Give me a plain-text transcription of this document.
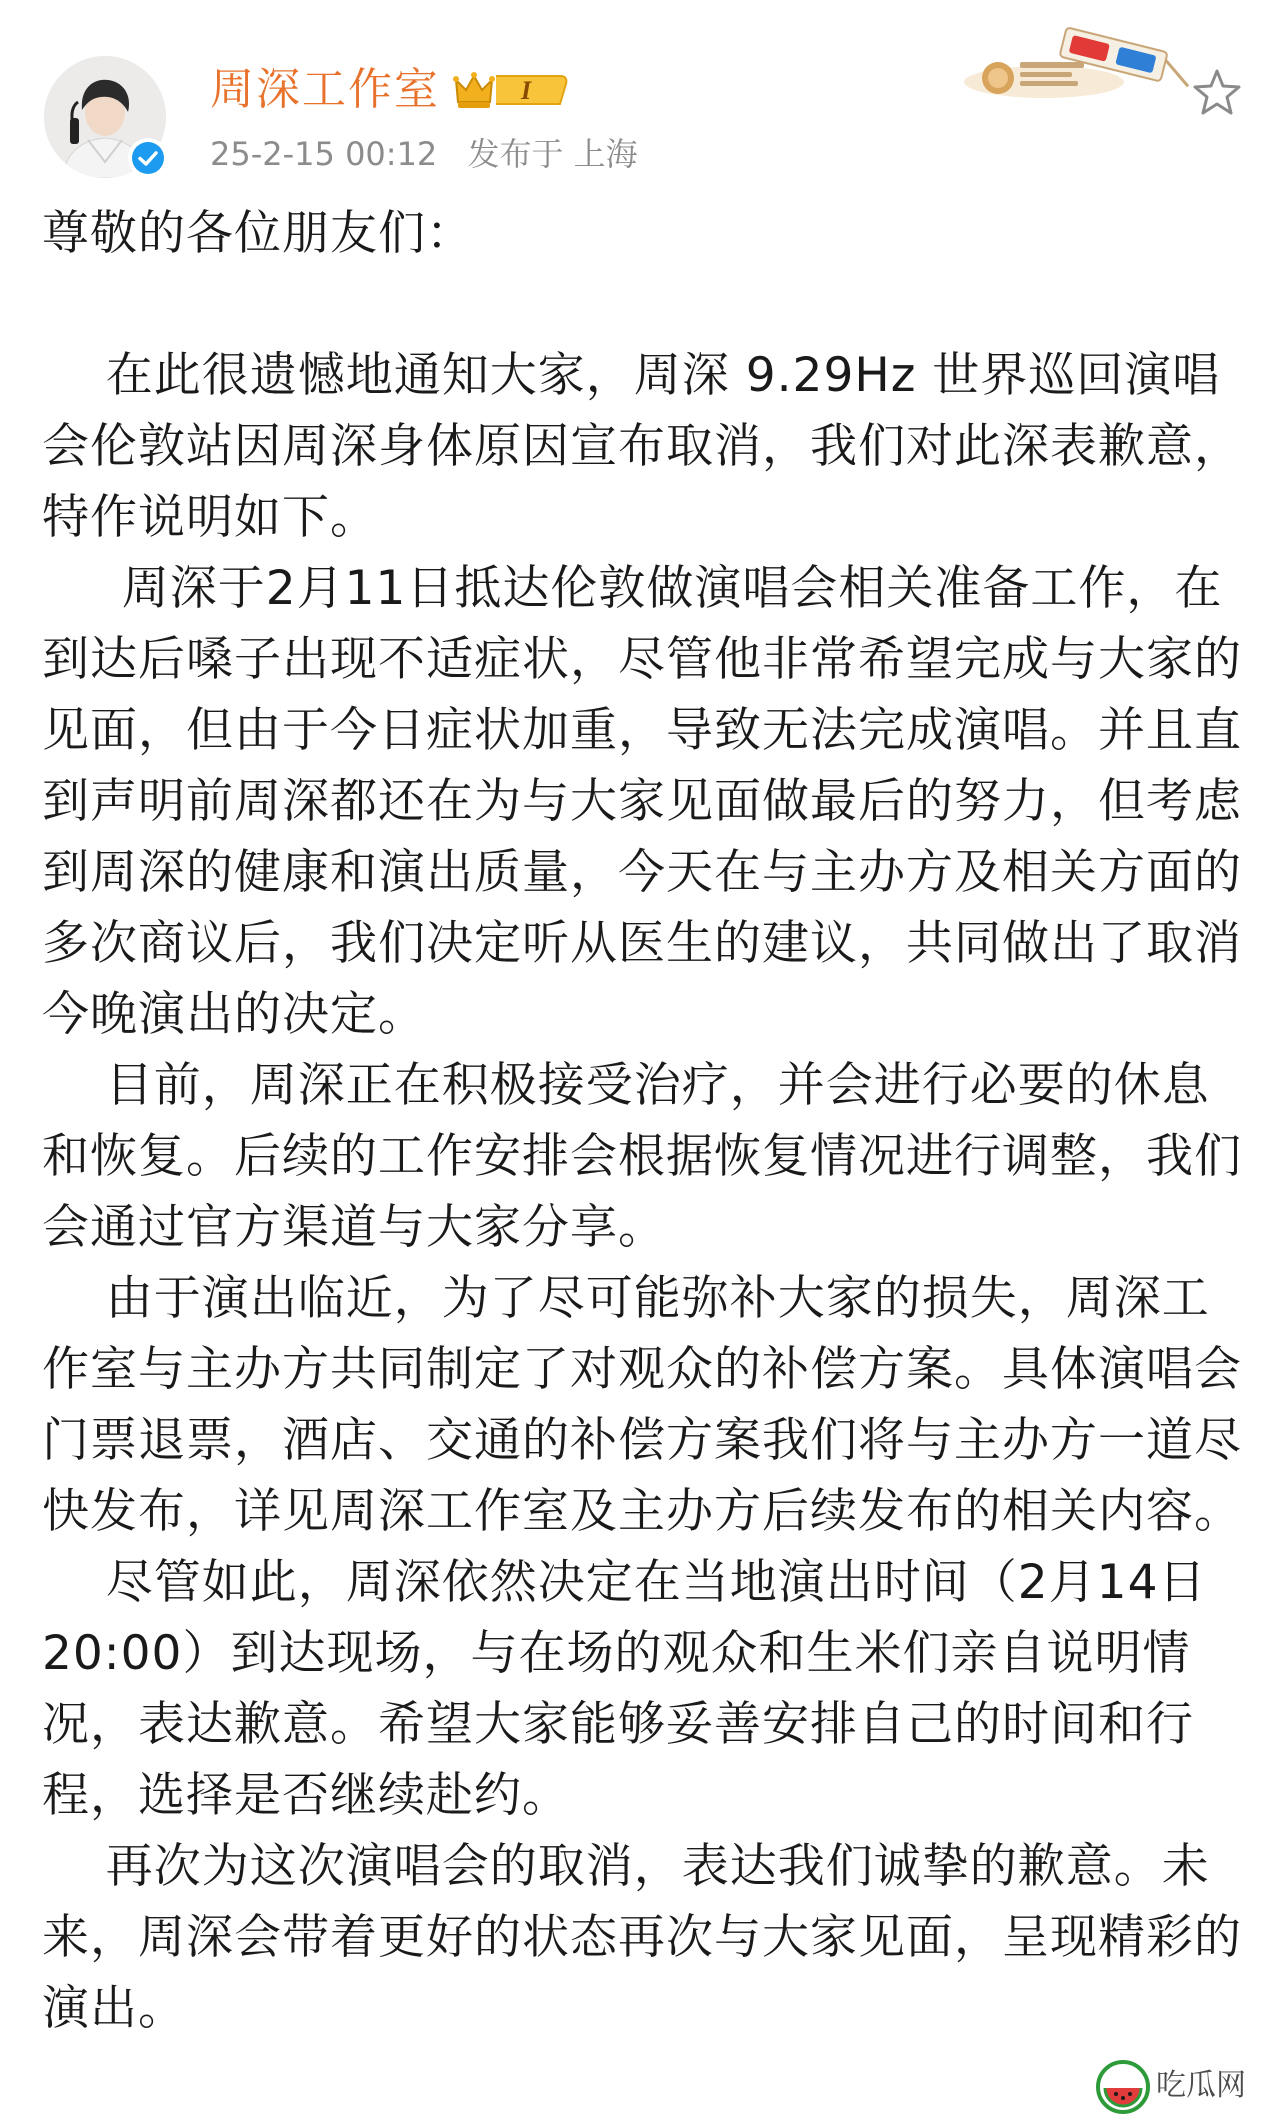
周深工作室	I
25-2-15 00:12 发布于 上海

尊敬的各位朋友们：

在此很遗憾地通知大家，周深 9.29Hz 世界巡回演唱会伦敦站因周深身体原因宣布取消，我们对此深表歉意，特作说明如下。

周深于2月11日抵达伦敦做演唱会相关准备工作，在到达后嗓子出现不适症状，尽管他非常希望完成与大家的见面，但由于今日症状加重，导致无法完成演唱。并且直到声明前周深都还在为与大家见面做最后的努力，但考虑到周深的健康和演出质量，今天在与主办方及相关方面的多次商议后，我们决定听从医生的建议，共同做出了取消今晚演出的决定。

目前，周深正在积极接受治疗，并会进行必要的休息和恢复。后续的工作安排会根据恢复情况进行调整，我们会通过官方渠道与大家分享。

由于演出临近，为了尽可能弥补大家的损失，周深工作室与主办方共同制定了对观众的补偿方案。具体演唱会门票退票，酒店、交通的补偿方案我们将与主办方一道尽快发布，详见周深工作室及主办方后续发布的相关内容。

尽管如此，周深依然决定在当地演出时间（2月14日20:00）到达现场，与在场的观众和生米们亲自说明情况，表达歉意。希望大家能够妥善安排自己的时间和行程，选择是否继续赴约。

再次为这次演唱会的取消，表达我们诚挚的歉意。未来，周深会带着更好的状态再次与大家见面，呈现精彩的演出。

吃瓜网
